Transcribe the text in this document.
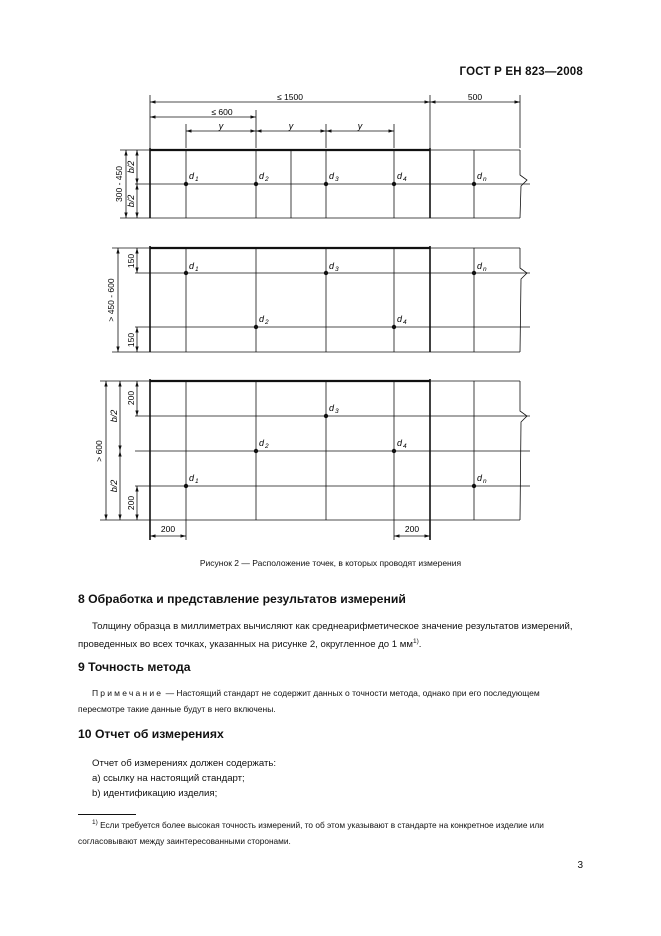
ГОСТ Р ЕН 823—2008
≤ 1500	500
≤ 600
y	y	y
300 - 450 b/2
b/2
> 450 - 600
150
150
> 600
b/2
b/2
200
200
200	200
d 1	d 2	d 3	d 4	d n
d 1	d 3	d n
d 2	d 4
d 3
d 2	d 4
d 1	d n
Рисунок 2 — Расположение точек, в которых проводят измерения
8 Обработка и представление результатов измерений
Толщину образца в миллиметрах вычисляют как среднеарифметическое значение результатов измерений, проведенных во всех точках, указанных на рисунке 2, округленное до 1 $мм^{1)}$.
9 Точность метода
Примечание — Настоящий стандарт не содержит данных о точности метода, однако при его последующем пересмотре такие данные будут в него включены.
10 Отчет об измерениях
Отчет об измерениях должен содержать:
a) ссылку на настоящий стандарт;
b) идентификацию изделия;
$^{1)}$ Если требуется более высокая точность измерений, то об этом указывают в стандарте на конкретное изделие или согласовывают между заинтересованными сторонами.
3
